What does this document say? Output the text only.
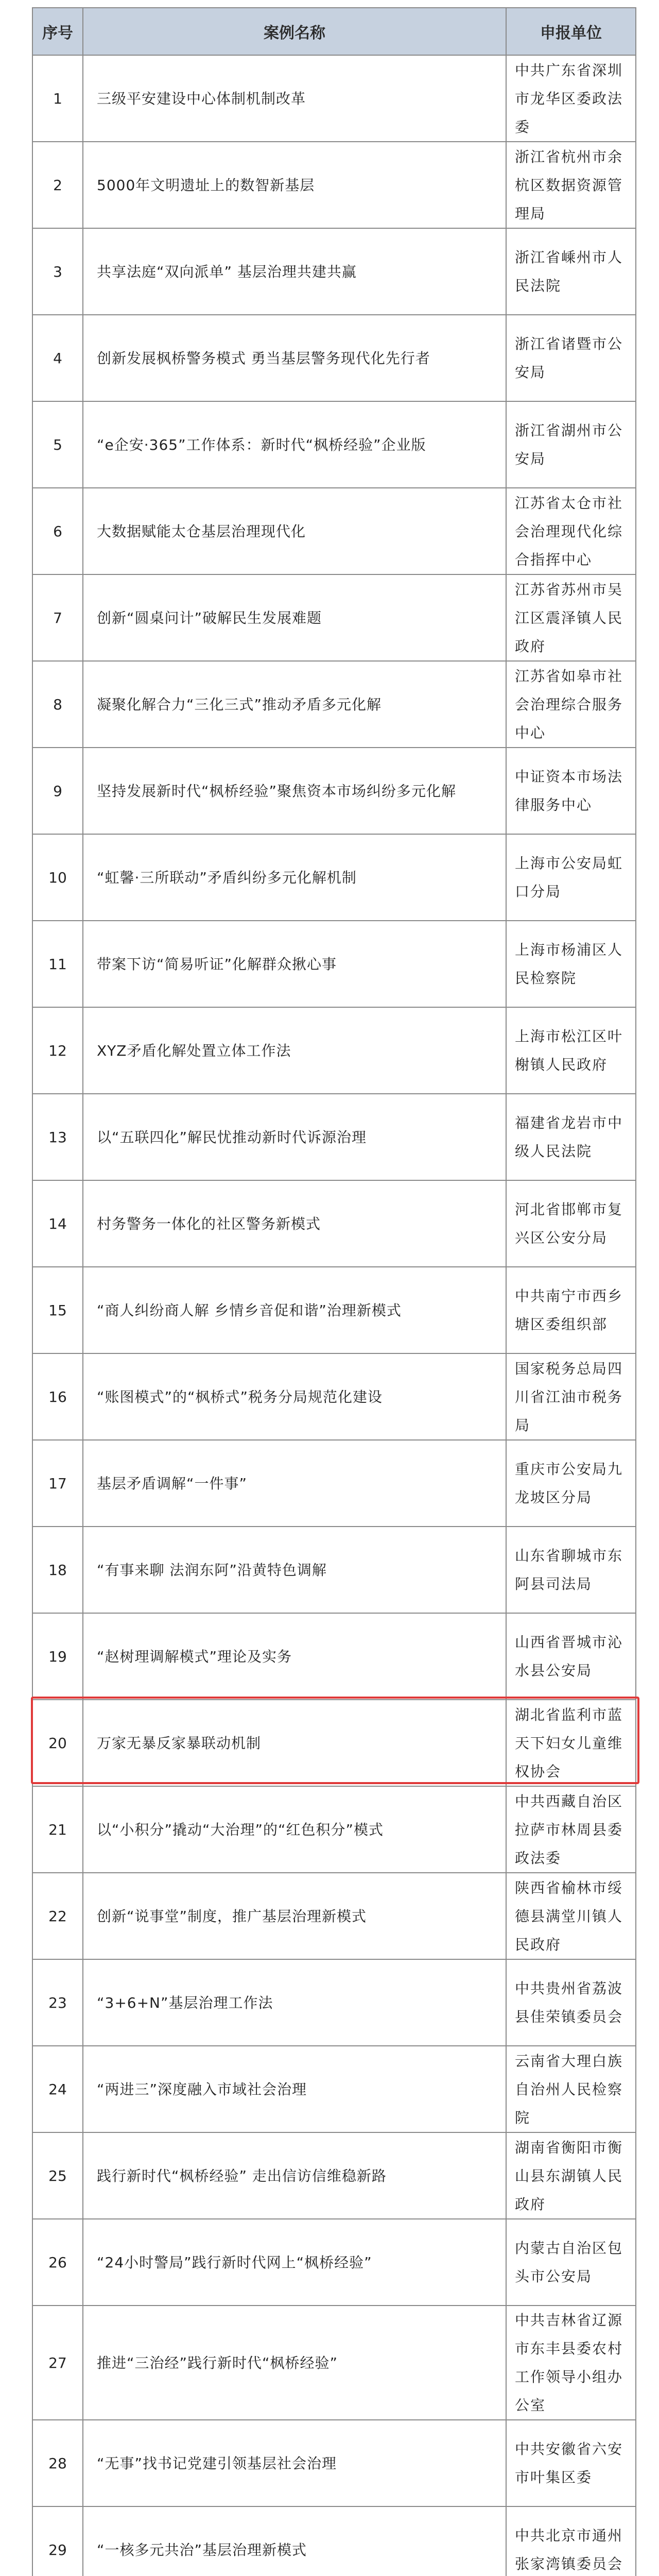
序号	案例名称	申报单位
1	三级平安建设中心体制机制改革	中共广东省深圳市龙华区委政法委
2	5000年文明遗址上的数智新基层	浙江省杭州市余杭区数据资源管理局
3	共享法庭“双向派单” 基层治理共建共赢	浙江省嵊州市人民法院
4	创新发展枫桥警务模式 勇当基层警务现代化先行者	浙江省诸暨市公安局
5	“e企安·365”工作体系：新时代“枫桥经验”企业版	浙江省湖州市公安局
6	大数据赋能太仓基层治理现代化	江苏省太仓市社会治理现代化综合指挥中心
7	创新“圆桌问计”破解民生发展难题	江苏省苏州市吴江区震泽镇人民政府
8	凝聚化解合力“三化三式”推动矛盾多元化解	江苏省如皋市社会治理综合服务中心
9	坚持发展新时代“枫桥经验”聚焦资本市场纠纷多元化解	中证资本市场法律服务中心
10	“虹馨·三所联动”矛盾纠纷多元化解机制	上海市公安局虹口分局
11	带案下访“简易听证”化解群众揪心事	上海市杨浦区人民检察院
12	XYZ矛盾化解处置立体工作法	上海市松江区叶榭镇人民政府
13	以“五联四化”解民忧推动新时代诉源治理	福建省龙岩市中级人民法院
14	村务警务一体化的社区警务新模式	河北省邯郸市复兴区公安分局
15	“商人纠纷商人解 乡情乡音促和谐”治理新模式	中共南宁市西乡塘区委组织部
16	“账图模式”的“枫桥式”税务分局规范化建设	国家税务总局四川省江油市税务局
17	基层矛盾调解“一件事”	重庆市公安局九龙坡区分局
18	“有事来聊 法润东阿”沿黄特色调解	山东省聊城市东阿县司法局
19	“赵树理调解模式”理论及实务	山西省晋城市沁水县公安局
20	万家无暴反家暴联动机制	湖北省监利市蓝天下妇女儿童维权协会
21	以“小积分”撬动“大治理”的“红色积分”模式	中共西藏自治区拉萨市林周县委政法委
22	创新“说事堂”制度，推广基层治理新模式	陕西省榆林市绥德县满堂川镇人民政府
23	“3+6+N”基层治理工作法	中共贵州省荔波县佳荣镇委员会
24	“两进三”深度融入市域社会治理	云南省大理白族自治州人民检察院
25	践行新时代“枫桥经验” 走出信访信维稳新路	湖南省衡阳市衡山县东湖镇人民政府
26	“24小时警局”践行新时代网上“枫桥经验”	内蒙古自治区包头市公安局
27	推进“三治经”践行新时代“枫桥经验”	中共吉林省辽源市东丰县委农村工作领导小组办公室
28	“无事”找书记党建引领基层社会治理	中共安徽省六安市叶集区委
29	“一核多元共治”基层治理新模式	中共北京市通州张家湾镇委员会
